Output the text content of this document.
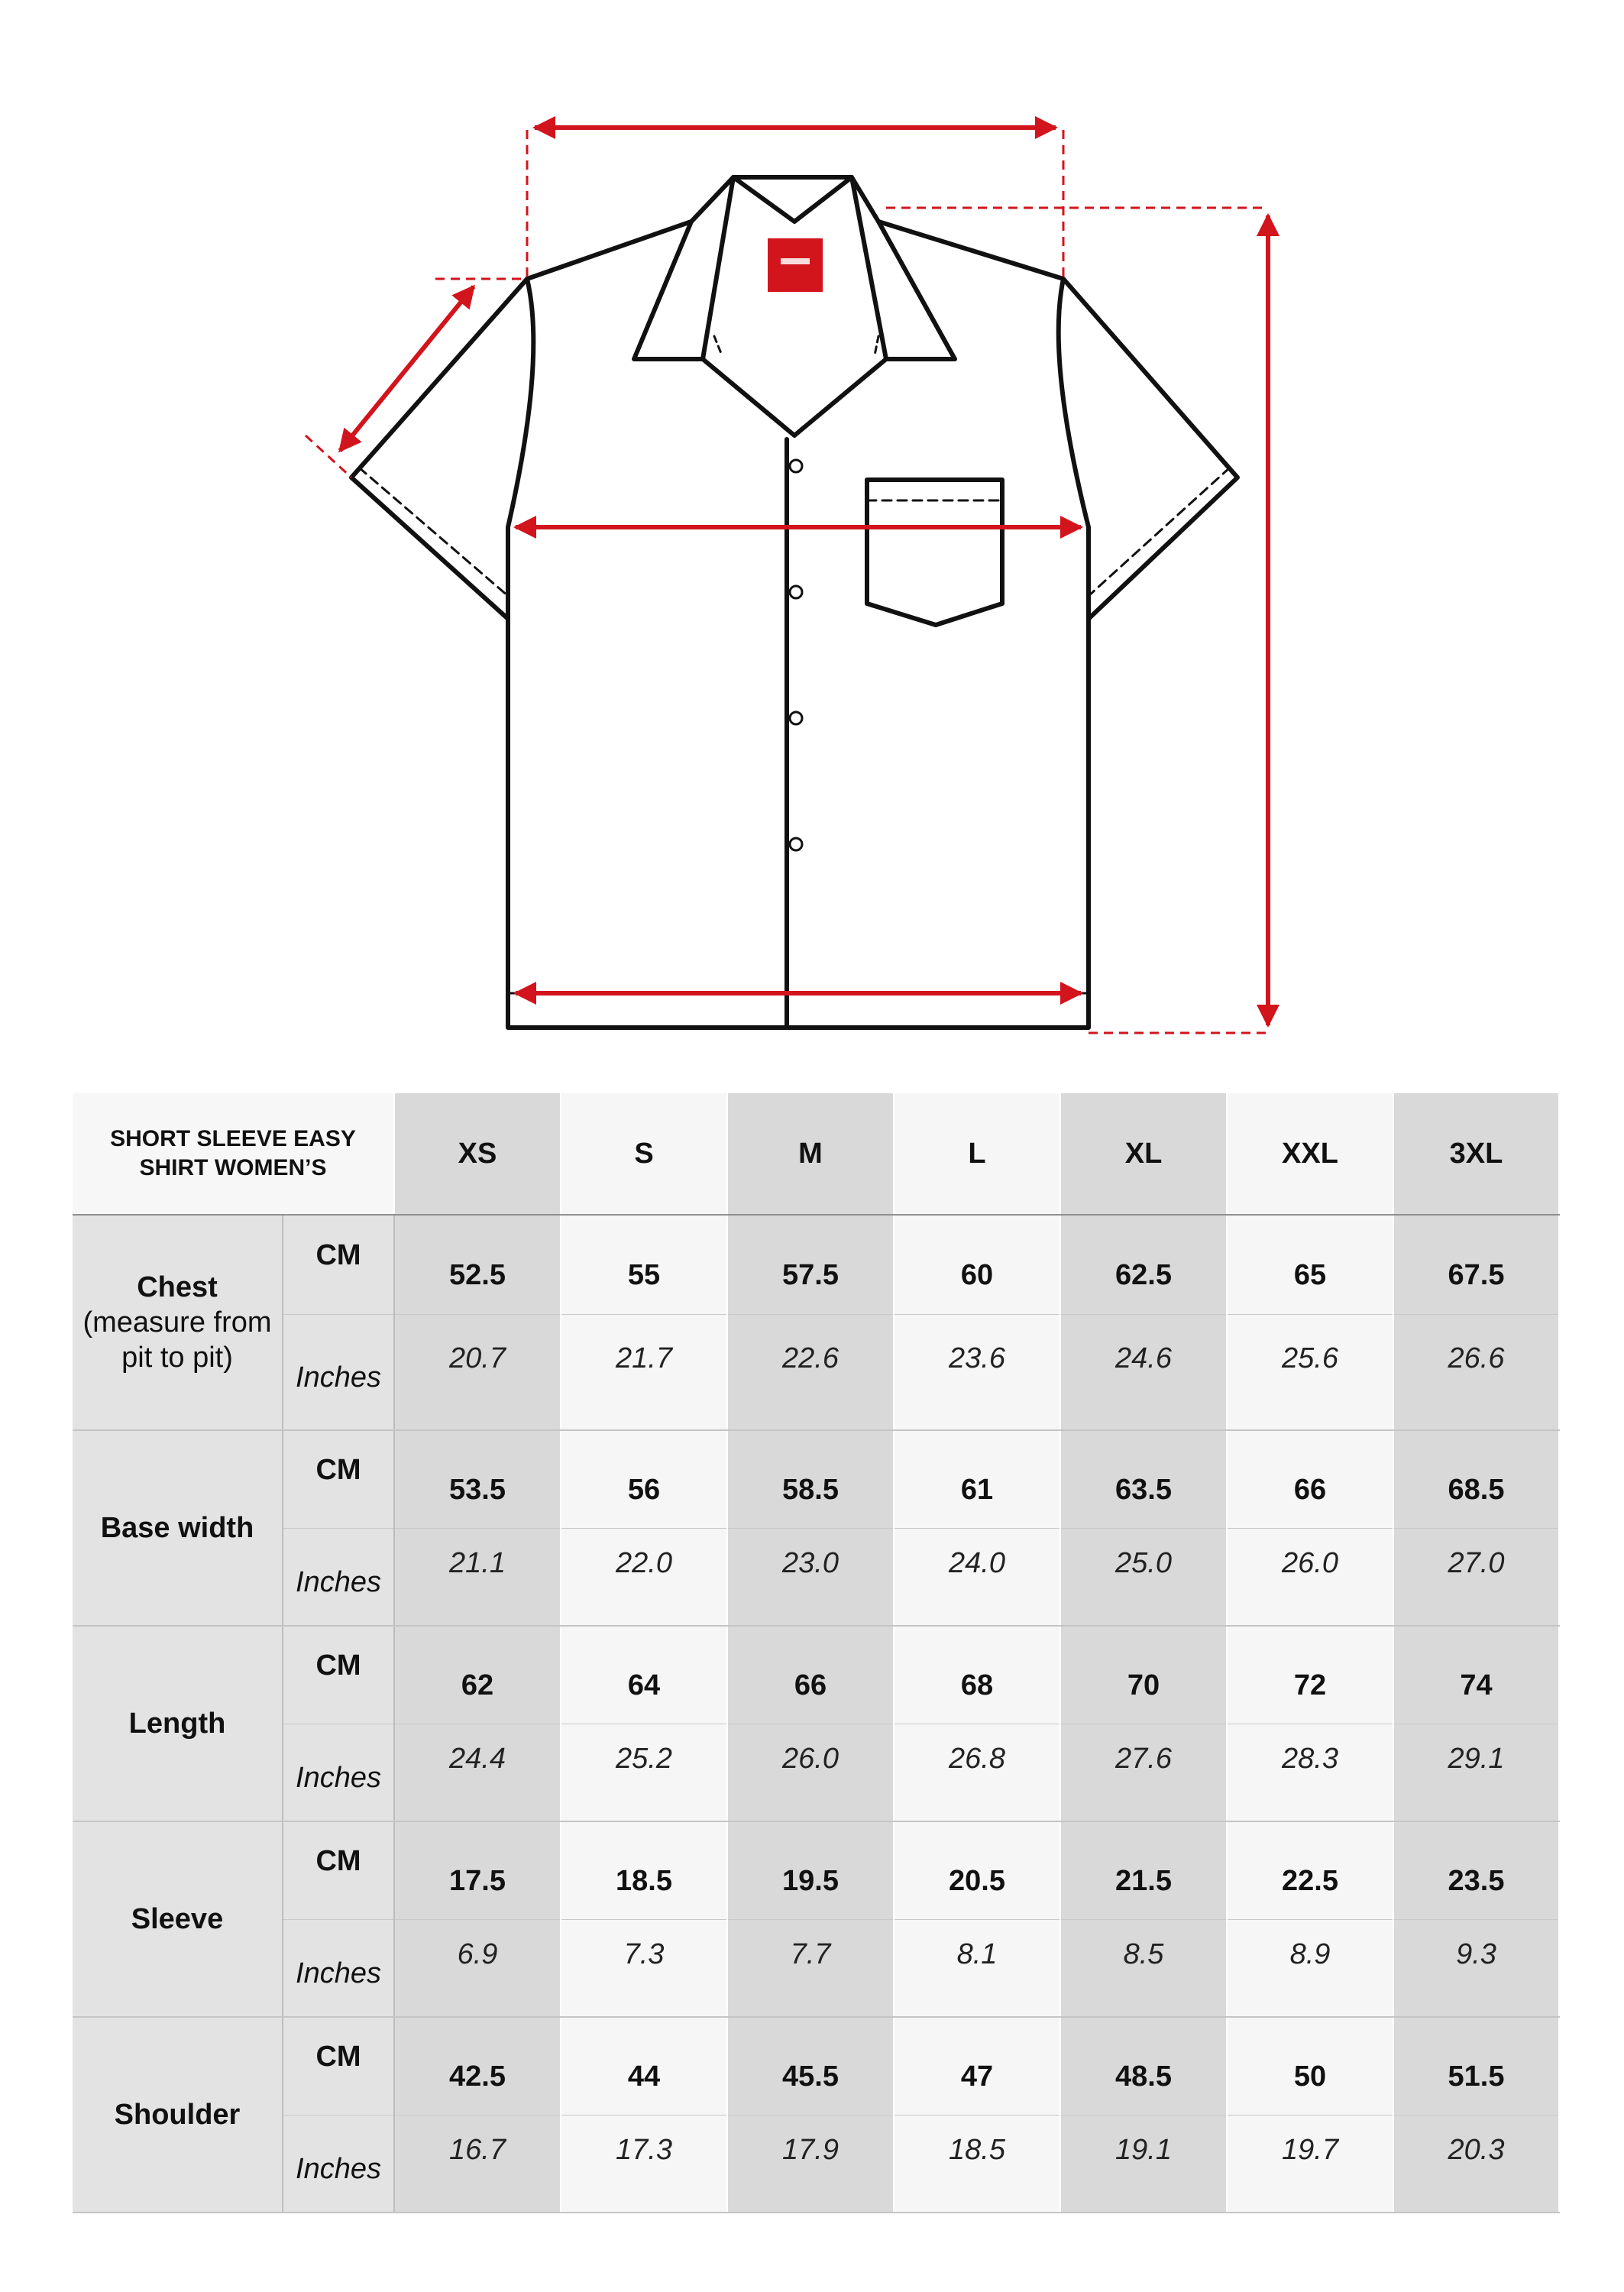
SHORT SLEEVE EASY
SHIRT WOMEN’S		XS	S	M	L	XL	XXL	3XL
Chest
(measure from pit to pit)	CM	52.5	55	57.5	60	62.5	65	67.5

	Inches	20.7	21.7	22.6	23.6	24.6	25.6	26.6

Base width	CM	53.5	56	58.5	61	63.5	66	68.5

	Inches	21.1	22.0	23.0	24.0	25.0	26.0	27.0

Length	CM	62	64	66	68	70	72	74

	Inches	24.4	25.2	26.0	26.8	27.6	28.3	29.1

Sleeve	CM	17.5	18.5	19.5	20.5	21.5	22.5	23.5

	Inches	6.9	7.3	7.7	8.1	8.5	8.9	9.3

Shoulder	CM	42.5	44	45.5	47	48.5	50	51.5

	Inches	16.7	17.3	17.9	18.5	19.1	19.7	20.3
